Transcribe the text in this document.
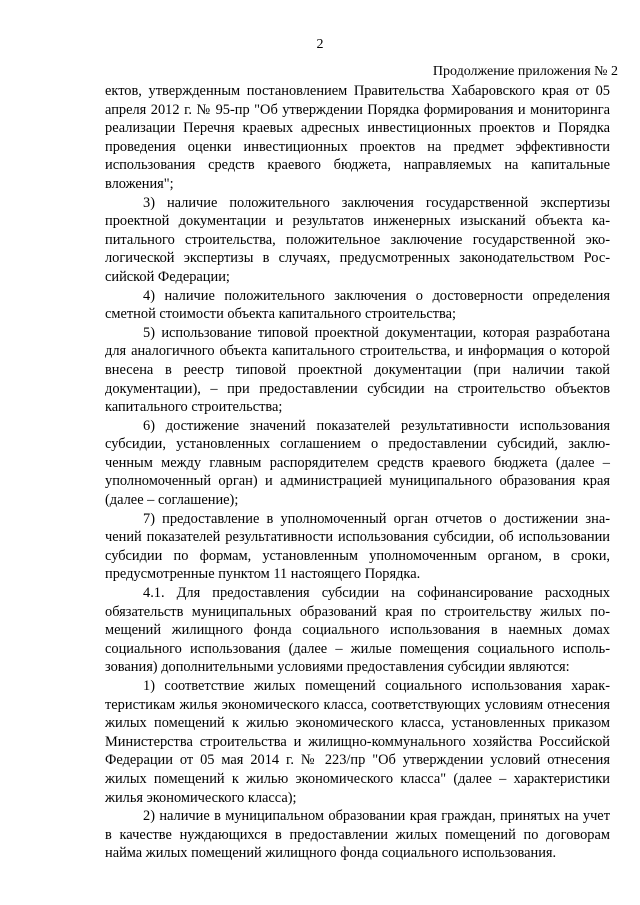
2
Продолжение приложения № 2

ектов, утвержденным постановлением Правительства Хабаровского края от 05 апреля 2012 г. № 95-пр "Об утверждении Порядка формирования и мониторинга реализации Перечня краевых адресных инвестиционных проектов и Порядка проведения оценки инвестиционных проектов на предмет эффективности использования средств краевого бюджета, направляемых на капитальные вложения";

3) наличие положительного заключения государственной экспертизы проектной документации и результатов инженерных изысканий объекта капитального строительства, положительное заключение государственной экологической экспертизы в случаях, предусмотренных законодательством Российской Федерации;

4) наличие положительного заключения о достоверности определения сметной стоимости объекта капитального строительства;

5) использование типовой проектной документации, которая разработана для аналогичного объекта капитального строительства, и информация о которой внесена в реестр типовой проектной документации (при наличии такой документации), – при предоставлении субсидии на строительство объектов капитального строительства;

6) достижение значений показателей результативности использования субсидии, установленных соглашением о предоставлении субсидий, заключенным между главным распорядителем средств краевого бюджета (далее – уполномоченный орган) и администрацией муниципального образования края (далее – соглашение);

7) предоставление в уполномоченный орган отчетов о достижении значений показателей результативности использования субсидии, об использовании субсидии по формам, установленным уполномоченным органом, в сроки, предусмотренные пунктом 11 настоящего Порядка.

4.1. Для предоставления субсидии на софинансирование расходных обязательств муниципальных образований края по строительству жилых помещений жилищного фонда социального использования в наемных домах социального использования (далее – жилые помещения социального использования) дополнительными условиями предоставления субсидии являются:

1) соответствие жилых помещений социального использования характеристикам жилья экономического класса, соответствующих условиям отнесения жилых помещений к жилью экономического класса, установленных приказом Министерства строительства и жилищно-коммунального хозяйства Российской Федерации от 05 мая 2014 г. № 223/пр "Об утверждении условий отнесения жилых помещений к жилью экономического класса" (далее – характеристики жилья экономического класса);

2) наличие в муниципальном образовании края граждан, принятых на учет в качестве нуждающихся в предоставлении жилых помещений по договорам найма жилых помещений жилищного фонда социального использования.
